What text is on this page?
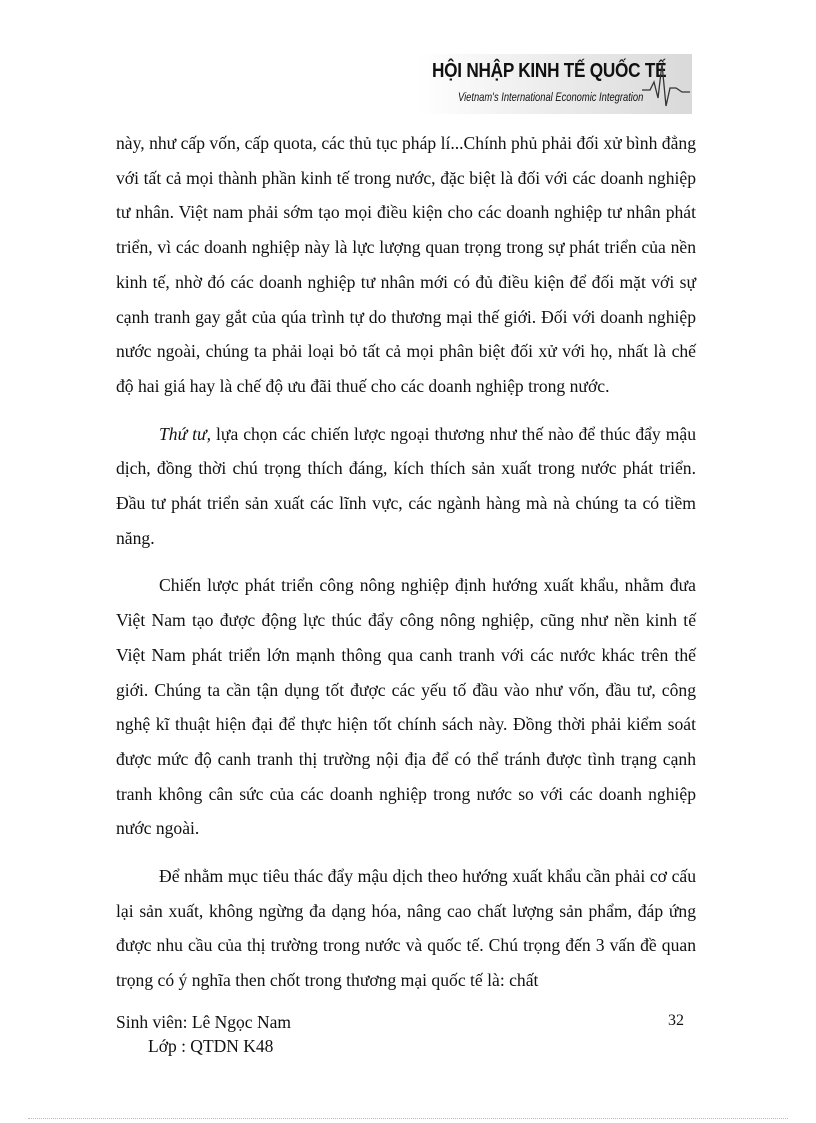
HỘI NHẬP KINH TẾ QUỐC TẾ
Vietnam's International Economic Integration

này, như cấp vốn, cấp quota, các thủ tục pháp lí...Chính phủ phải đối xử bình đẳng với tất cả mọi thành phần kinh tế trong nước, đặc biệt là đối với các doanh nghiệp tư nhân. Việt nam phải sớm tạo mọi điều kiện cho các doanh nghiệp tư nhân phát triển, vì các doanh nghiệp này là lực lượng quan trọng trong sự phát triển của nền kinh tế, nhờ đó các doanh nghiệp tư nhân mới có đủ điều kiện để đối mặt với sự cạnh tranh gay gắt của qúa trình tự do thương mại thế giới. Đối với doanh nghiệp nước ngoài, chúng ta phải loại bỏ tất cả mọi phân biệt đối xử với họ, nhất là chế độ hai giá hay là chế độ ưu đãi thuế cho các doanh nghiệp trong nước.

Thứ tư, lựa chọn các chiến lược ngoại thương như thế nào để thúc đẩy mậu dịch, đồng thời chú trọng thích đáng, kích thích sản xuất trong nước phát triển. Đầu tư phát triển sản xuất các lĩnh vực, các ngành hàng mà nà chúng ta có tiềm năng.

Chiến lược phát triển công nông nghiệp định hướng xuất khẩu, nhằm đưa Việt Nam tạo được động lực thúc đẩy công nông nghiệp, cũng như nền kinh tế Việt Nam phát triển lớn mạnh thông qua canh tranh với các nước khác trên thế giới. Chúng ta cần tận dụng tốt được các yếu tố đầu vào như vốn, đầu tư, công nghệ kĩ thuật hiện đại để thực hiện tốt chính sách này. Đồng thời phải kiểm soát được mức độ canh tranh thị trường nội địa để có thể tránh được tình trạng cạnh tranh không cân sức của các doanh nghiệp trong nước so với các doanh nghiệp nước ngoài.

Để nhằm mục tiêu thác đẩy mậu dịch theo hướng xuất khẩu cần phải cơ cấu lại sản xuất, không ngừng đa dạng hóa, nâng cao chất lượng sản phẩm, đáp ứng được nhu cầu của thị trường trong nước và quốc tế. Chú trọng đến 3 vấn đề quan trọng có ý nghĩa then chốt trong thương mại quốc tế là: chất

Sinh viên: Lê Ngọc Nam	32
Lớp : QTDN K48
